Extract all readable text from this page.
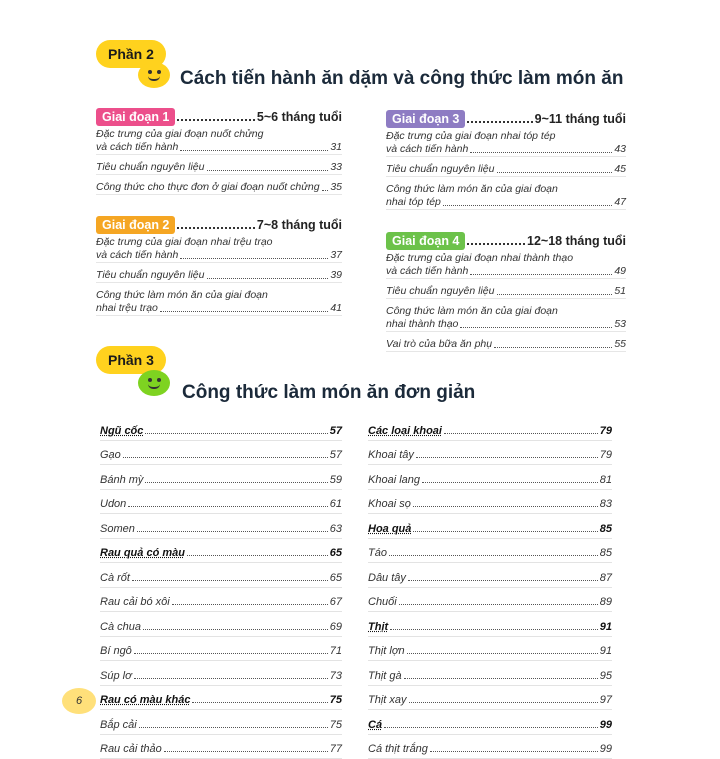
Phần 2
Cách tiến hành ăn dặm và công thức làm món ăn
Giai đoạn 1	5~6 tháng tuổi
Đặc trưng của giai đoạn nuốt chửng
và cách tiến hành	31
Tiêu chuẩn nguyên liệu	33
Công thức cho thực đơn ở giai đoạn nuốt chửng 35
Giai đoạn 2	7~8 tháng tuổi
Đặc trưng của giai đoạn nhai trệu trạo
và cách tiến hành	37
Tiêu chuẩn nguyên liệu	39
Công thức làm món ăn của giai đoạn
nhai trệu trạo	41
Giai đoạn 3	9~11 tháng tuổi
Đặc trưng của giai đoạn nhai tóp tép
và cách tiến hành	43
Tiêu chuẩn nguyên liệu	45
Công thức làm món ăn của giai đoạn
nhai tóp tép	47
Giai đoạn 4	12~18 tháng tuổi
Đặc trưng của giai đoạn nhai thành thạo
và cách tiến hành	49
Tiêu chuẩn nguyên liệu	51
Công thức làm món ăn của giai đoạn
nhai thành thạo	53
Vai trò của bữa ăn phụ	55
Phần 3
Công thức làm món ăn đơn giản
Ngũ cốc	57
Gạo	57
Bánh mỳ	59
Udon	61
Somen	63
Rau quả có màu	65
Cà rốt	65
Rau cải bó xôi	67
Cà chua	69
Bí ngô	71
Súp lơ	73
Rau có màu khác	75
Bắp cải	75
Rau cải thảo	77
Các loại khoai	79
Khoai tây	79
Khoai lang	81
Khoai sọ	83
Hoa quả	85
Táo	85
Dâu tây	87
Chuối	89
Thịt	91
Thịt lợn	91
Thịt gà	95
Thịt xay	97
Cá	99
Cá thịt trắng	99
6
